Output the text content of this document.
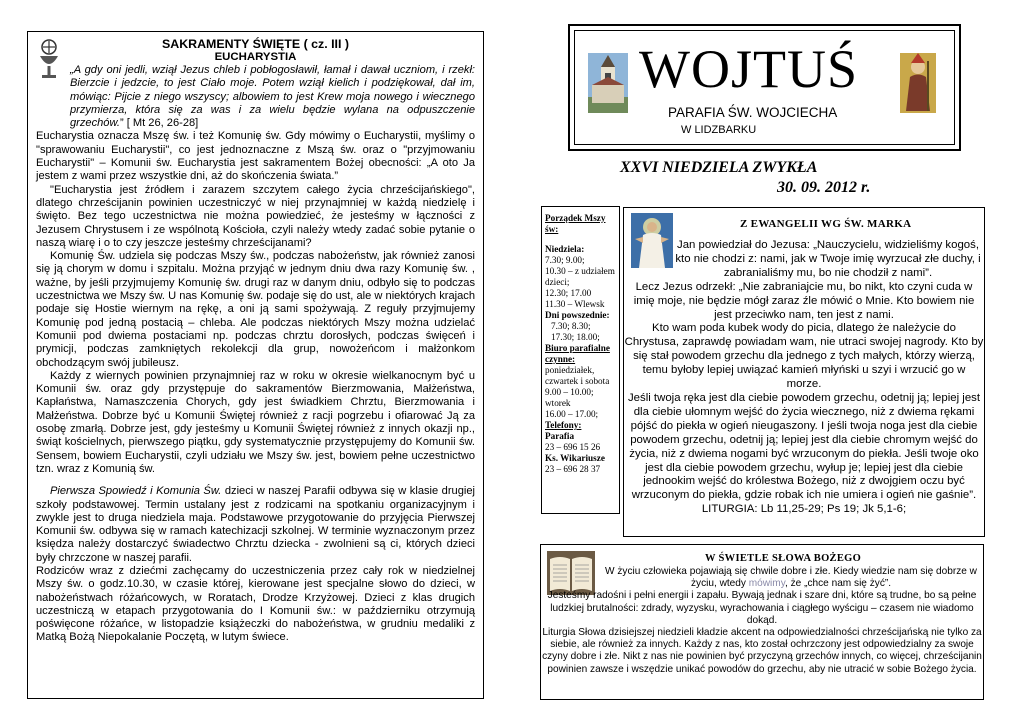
SAKRAMENTY ŚWIĘTE ( cz. III )
EUCHARYSTIA

„A gdy oni jedli, wziął Jezus chleb i pobłogosławił, łamał i dawał uczniom, i rzekł: Bierzcie i jedzcie, to jest Ciało moje. Potem wziął kielich i podziękował, dał im, mówiąc: Pijcie z niego wszyscy; albowiem to jest Krew moja nowego i wiecznego przymierza, która się za was i za wielu będzie wylana na odpuszczenie grzechów.” [ Mt 26, 26-28]

Eucharystia oznacza Mszę św. i też Komunię św. Gdy mówimy o Eucharystii, myślimy o "sprawowaniu Eucharystii", co jest jednoznaczne z Mszą św. oraz o "przyjmowaniu Eucharystii" – Komunii św. Eucharystia jest sakramentem Bożej obecności: „A oto Ja jestem z wami przez wszystkie dni, aż do skończenia świata.”

"Eucharystia jest źródłem i zarazem szczytem całego życia chrześcijańskiego", dlatego chrześcijanin powinien uczestniczyć w niej przynajmniej w każdą niedzielę i święto. Bez tego uczestnictwa nie można powiedzieć, że jesteśmy w łączności z Jezusem Chrystusem i ze wspólnotą Kościoła, czyli należy wtedy zadać sobie pytanie o naszą wiarę i o to czy jeszcze jesteśmy chrześcijanami?

Komunię Św. udziela się podczas Mszy św., podczas nabożeństw, jak również zanosi się ją chorym w domu i szpitalu. Można przyjąć w jednym dniu dwa razy Komunię św. , ważne, by jeśli przyjmujemy Komunię św. drugi raz w danym dniu, odbyło się to podczas uczestnictwa we Mszy św. U nas Komunię św. podaje się do ust, ale w niektórych krajach podaje się Hostie wiernym na rękę, a oni ją sami spożywają. Z reguły przyjmujemy Komunię pod jedną postacią – chleba. Ale podczas niektórych Mszy można udzielać Komunii pod dwiema postaciami np. podczas chrztu dorosłych, podczas święceń i prymicji, podczas zamkniętych rekolekcji dla grup, nowożeńcom i małżonkom obchodzącym swój jubileusz.

Każdy z wiernych powinien przynajmniej raz w roku w okresie wielkanocnym być u Komunii św. oraz gdy przystępuje do sakramentów Bierzmowania, Małżeństwa, Kapłaństwa, Namaszczenia Chorych, gdy jest świadkiem Chrztu, Bierzmowania i Małżeństwa. Dobrze być u Komunii Świętej również z racji pogrzebu i ofiarować Ją za osobę zmarłą. Dobrze jest, gdy jesteśmy u Komunii Świętej również z innych okazji np., świąt kościelnych, pierwszego piątku, gdy systematycznie przystępujemy do Komunii św. Sensem, bowiem Eucharystii, czyli udziału we Mszy św. jest, bowiem pełne uczestnictwo tzn. wraz z Komunią św.

Pierwsza Spowiedź i Komunia Św. dzieci w naszej Parafii odbywa się w klasie drugiej szkoły podstawowej. Termin ustalany jest z rodzicami na spotkaniu organizacyjnym i zwykle jest to druga niedziela maja. Podstawowe przygotowanie do przyjęcia Pierwszej Komunii św. odbywa się w ramach katechizacji szkolnej. W terminie wyznaczonym przez księdza należy dostarczyć świadectwo Chrztu dziecka - zwolnieni są ci, których dzieci były chrzczone w naszej parafii.

Rodziców wraz z dziećmi zachęcamy do uczestniczenia przez cały rok w niedzielnej Mszy św. o godz.10.30, w czasie której, kierowane jest specjalne słowo do dzieci, w nabożeństwach różańcowych, w Roratach, Drodze Krzyżowej. Dzieci z klas drugich uczestniczą w etapach przygotowania do I Komunii św.: w październiku otrzymują poświęcone różańce, w listopadzie książeczki do nabożeństwa, w grudniu medaliki z Matką Bożą Niepokalanie Poczętą, w lutym świece.

WOJTUŚ
PARAFIA ŚW. WOJCIECHA
W LIDZBARKU
XXVI NIEDZIELA ZWYKŁA
30. 09. 2012 r.
Porządek Mszy św:
Niedziela:
7.30; 9.00;
10.30 – z udziałem dzieci;
12.30; 17.00
11.30 – Wlewsk
Dni powszednie:
7.30; 8.30;
17.30; 18.00;
Biuro parafialne czynne:
poniedziałek, czwartek i sobota
9.00 – 10.00;
wtorek
16.00 – 17.00;
Telefony:
Parafia
23 – 696 15 26
Ks. Wikariusze
23 – 696 28 37
Z EWANGELII WG ŚW. MARKA

Jan powiedział do Jezusa: „Nauczycielu, widzieliśmy kogoś, kto nie chodzi z: nami, jak w Twoje imię wyrzucał złe duchy, i zabranialiśmy mu, bo nie chodził z nami”.

Lecz Jezus odrzekł: „Nie zabraniajcie mu, bo nikt, kto czyni cuda w imię moje, nie będzie mógł zaraz źle mówić o Mnie. Kto bowiem nie jest przeciwko nam, ten jest z nami.

Kto wam poda kubek wody do picia, dlatego że należycie do Chrystusa, zaprawdę powiadam wam, nie utraci swojej nagrody. Kto by się stał powodem grzechu dla jednego z tych małych, którzy wierzą, temu byłoby lepiej uwiązać kamień młyński u szyi i wrzucić go w morze.

Jeśli twoja ręka jest dla ciebie powodem grzechu, odetnij ją; lepiej jest dla ciebie ułomnym wejść do życia wiecznego, niż z dwiema rękami pójść do piekła w ogień nieugaszony. I jeśli twoja noga jest dla ciebie powodem grzechu, odetnij ją; lepiej jest dla ciebie chromym wejść do życia, niż z dwiema nogami być wrzuconym do piekła. Jeśli twoje oko jest dla ciebie powodem grzechu, wyłup je; lepiej jest dla ciebie jednookim wejść do królestwa Bożego, niż z dwojgiem oczu być wrzuconym do piekła, gdzie robak ich nie umiera i ogień nie gaśnie”.

LITURGIA: Lb 11,25-29; Ps 19; Jk 5,1-6;

W ŚWIETLE SŁOWA BOŻEGO

W życiu człowieka pojawiają się chwile dobre i złe. Kiedy wiedzie nam się dobrze w życiu, wtedy mówimy, że „chce nam się żyć”.

Jesteśmy radośni i pełni energii i zapału. Bywają jednak i szare dni, które są trudne, bo są pełne ludzkiej brutalności: zdrady, wyzysku, wyrachowania i ciągłego wyścigu – czasem nie wiadomo dokąd.

Liturgia Słowa dzisiejszej niedzieli kładzie akcent na odpowiedzialności chrześcijańską nie tylko za siebie, ale również za innych. Każdy z nas, kto został ochrzczony jest odpowiedzialny za swoje czyny dobre i złe. Nikt z nas nie powinien być przyczyną grzechów innych, co więcej, chrześcijanin powinien zawsze i wszędzie unikać powodów do grzechu, aby nie utracić w sobie Bożego życia.
